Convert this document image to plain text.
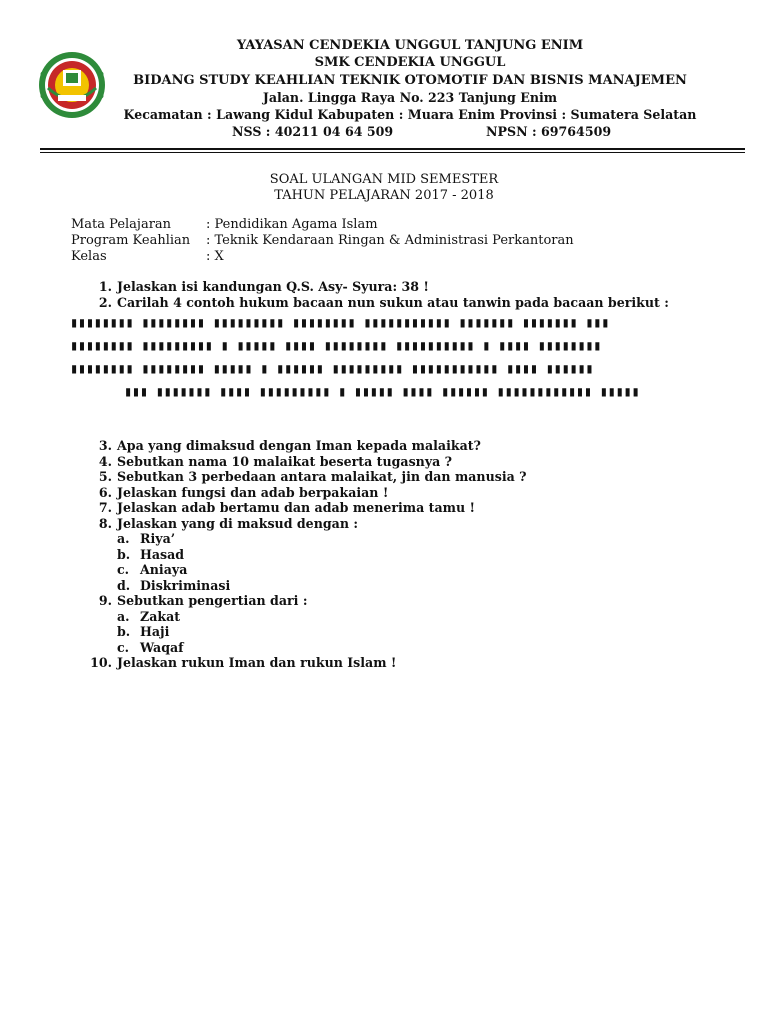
YAYASAN CENDEKIA UNGGUL TANJUNG ENIM
SMK CENDEKIA UNGGUL
BIDANG STUDY KEAHLIAN TEKNIK OTOMOTIF DAN BISNIS MANAJEMEN
Jalan. Lingga Raya No. 223 Tanjung Enim
Kecamatan : Lawang Kidul Kabupaten : Muara Enim Provinsi : Sumatera Selatan
NSS : 40211 04 64 509	NPSN : 69764509
SOAL ULANGAN MID SEMESTER
TAHUN PELAJARAN 2017 - 2018
Mata Pelajaran	: Pendidikan Agama Islam
Program Keahlian : Teknik Kendaraan Ringan & Administrasi Perkantoran
Kelas	: X
1. Jelaskan isi kandungan Q.S. Asy- Syura: 38 !
2. Carilah 4 contoh hukum bacaan nun sukun atau tanwin pada bacaan berikut :
▮▮▮▮▮▮▮▮ ▮▮▮▮▮▮▮▮ ▮▮▮▮▮▮▮▮▮ ▮▮▮▮▮▮▮▮ ▮▮▮▮▮▮▮▮▮▮▮ ▮▮▮▮▮▮▮ ▮▮▮▮▮▮▮ ▮▮▮
▮▮▮▮▮▮▮▮ ▮▮▮▮▮▮▮▮▮ ▮ ▮▮▮▮▮ ▮▮▮▮ ▮▮▮▮▮▮▮▮ ▮▮▮▮▮▮▮▮▮▮ ▮ ▮▮▮▮ ▮▮▮▮▮▮▮▮
▮▮▮▮▮▮▮▮ ▮▮▮▮▮▮▮▮ ▮▮▮▮▮ ▮ ▮▮▮▮▮▮ ▮▮▮▮▮▮▮▮▮ ▮▮▮▮▮▮▮▮▮▮▮ ▮▮▮▮ ▮▮▮▮▮▮
▮▮▮ ▮▮▮▮▮▮▮ ▮▮▮▮ ▮▮▮▮▮▮▮▮▮ ▮ ▮▮▮▮▮ ▮▮▮▮ ▮▮▮▮▮▮ ▮▮▮▮▮▮▮▮▮▮▮▮ ▮▮▮▮▮
3. Apa yang dimaksud dengan Iman kepada malaikat?
4. Sebutkan nama 10 malaikat beserta tugasnya ?
5. Sebutkan 3 perbedaan antara malaikat, jin dan manusia ?
6. Jelaskan fungsi dan adab berpakaian !
7. Jelaskan adab bertamu dan adab menerima tamu !
8. Jelaskan yang di maksud dengan :
a. Riya’
b. Hasad
c. Aniaya
d. Diskriminasi
9. Sebutkan pengertian dari :
a. Zakat
b. Haji
c. Waqaf
10. Jelaskan rukun Iman dan rukun Islam !
